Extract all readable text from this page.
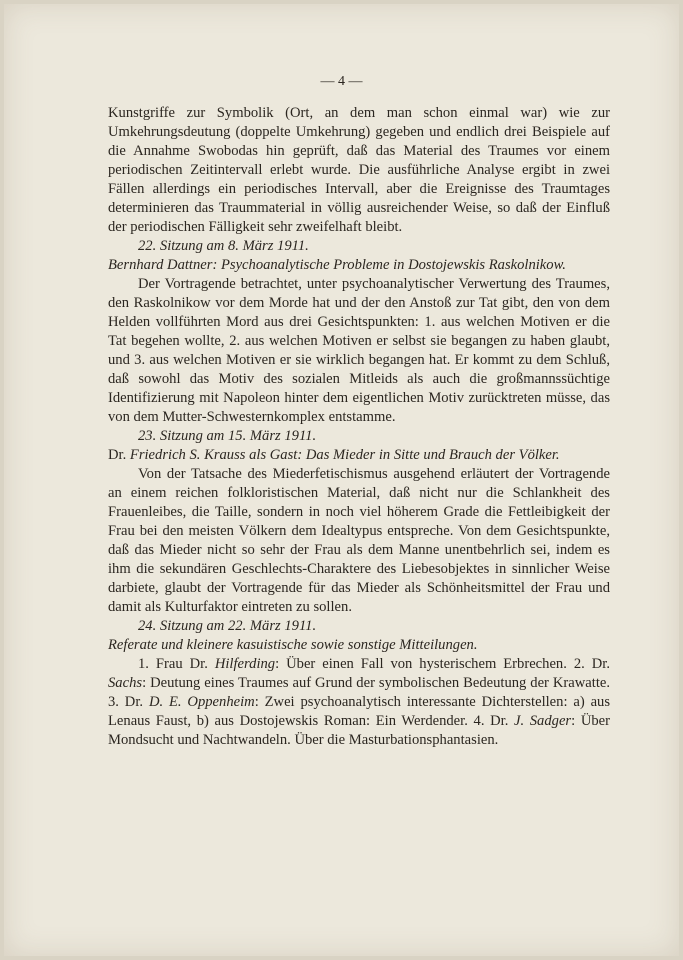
— 4 —

Kunstgriffe zur Symbolik (Ort, an dem man schon einmal war) wie zur Umkehrungsdeutung (doppelte Umkehrung) gegeben und endlich drei Beispiele auf die Annahme Swobodas hin geprüft, daß das Material des Traumes vor einem periodischen Zeitintervall erlebt wurde. Die ausführliche Analyse ergibt in zwei Fällen allerdings ein periodisches Intervall, aber die Ereignisse des Traumtages determinieren das Traummaterial in völlig ausreichender Weise, so daß der Einfluß der periodischen Fälligkeit sehr zweifelhaft bleibt.

22. Sitzung am 8. März 1911.

Bernhard Dattner: Psychoanalytische Probleme in Dostojewskis Raskolnikow.

Der Vortragende betrachtet, unter psychoanalytischer Verwertung des Traumes, den Raskolnikow vor dem Morde hat und der den Anstoß zur Tat gibt, den von dem Helden vollführten Mord aus drei Gesichtspunkten: 1. aus welchen Motiven er die Tat begehen wollte, 2. aus welchen Motiven er selbst sie begangen zu haben glaubt, und 3. aus welchen Motiven er sie wirklich begangen hat. Er kommt zu dem Schluß, daß sowohl das Motiv des sozialen Mitleids als auch die großmannssüchtige Identifizierung mit Napoleon hinter dem eigentlichen Motiv zurücktreten müsse, das von dem Mutter-Schwesternkomplex entstamme.

23. Sitzung am 15. März 1911.

Dr. Friedrich S. Krauss als Gast: Das Mieder in Sitte und Brauch der Völker.

Von der Tatsache des Miederfetischismus ausgehend erläutert der Vortragende an einem reichen folkloristischen Material, daß nicht nur die Schlankheit des Frauenleibes, die Taille, sondern in noch viel höherem Grade die Fettleibigkeit der Frau bei den meisten Völkern dem Idealtypus entspreche. Von dem Gesichtspunkte, daß das Mieder nicht so sehr der Frau als dem Manne unentbehrlich sei, indem es ihm die sekundären Geschlechts-Charaktere des Liebesobjektes in sinnlicher Weise darbiete, glaubt der Vortragende für das Mieder als Schönheitsmittel der Frau und damit als Kulturfaktor eintreten zu sollen.

24. Sitzung am 22. März 1911.

Referate und kleinere kasuistische sowie sonstige Mitteilungen.

1. Frau Dr. Hilferding: Über einen Fall von hysterischem Erbrechen. 2. Dr. Sachs: Deutung eines Traumes auf Grund der symbolischen Bedeutung der Krawatte. 3. Dr. D. E. Oppenheim: Zwei psychoanalytisch interessante Dichterstellen: a) aus Lenaus Faust, b) aus Dostojewskis Roman: Ein Werdender. 4. Dr. J. Sadger: Über Mondsucht und Nachtwandeln. Über die Masturbationsphantasien.
